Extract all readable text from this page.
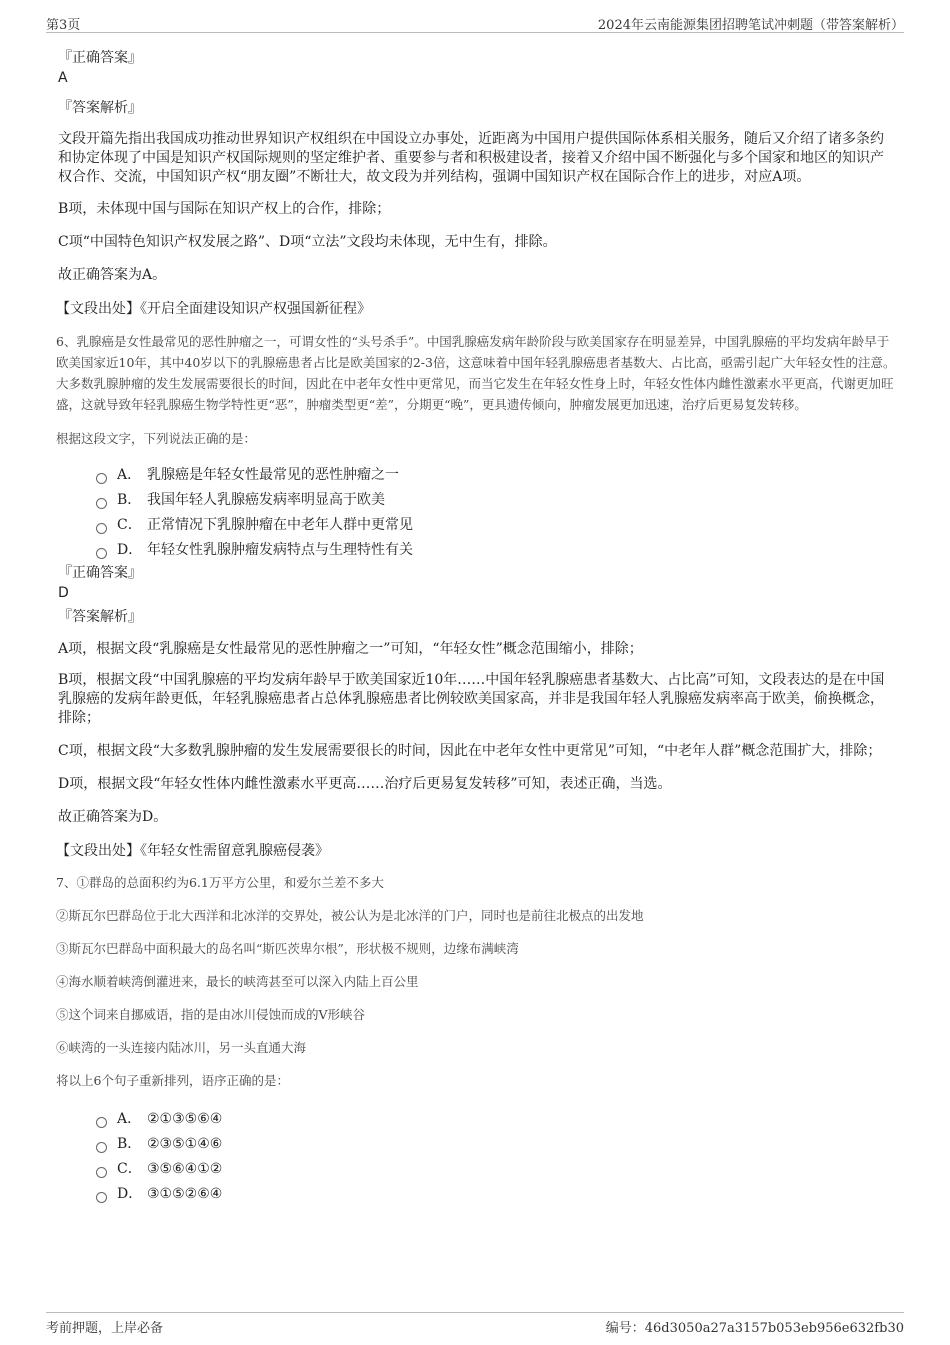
第3页	2024年云南能源集团招聘笔试冲刺题（带答案解析）
『正确答案』
A
『答案解析』
文段开篇先指出我国成功推动世界知识产权组织在中国设立办事处，近距离为中国用户提供国际体系相关服务，随后又介绍了诸多条约和协定体现了中国是知识产权国际规则的坚定维护者、重要参与者和积极建设者，接着又介绍中国不断强化与多个国家和地区的知识产权合作、交流，中国知识产权“朋友圈”不断壮大，故文段为并列结构，强调中国知识产权在国际合作上的进步，对应A项。
B项，未体现中国与国际在知识产权上的合作，排除；
C项“中国特色知识产权发展之路”、D项“立法”文段均未体现，无中生有，排除。
故正确答案为A。
【文段出处】《开启全面建设知识产权强国新征程》
6、乳腺癌是女性最常见的恶性肿瘤之一，可谓女性的“头号杀手”。中国乳腺癌发病年龄阶段与欧美国家存在明显差异，中国乳腺癌的平均发病年龄早于欧美国家近10年，其中40岁以下的乳腺癌患者占比是欧美国家的2-3倍，这意味着中国年轻乳腺癌患者基数大、占比高，亟需引起广大年轻女性的注意。大多数乳腺肿瘤的发生发展需要很长的时间，因此在中老年女性中更常见，而当它发生在年轻女性身上时，年轻女性体内雌性激素水平更高，代谢更加旺盛，这就导致年轻乳腺癌生物学特性更“恶”，肿瘤类型更“差”，分期更“晚”，更具遗传倾向，肿瘤发展更加迅速，治疗后更易复发转移。
根据这段文字，下列说法正确的是：
A． 乳腺癌是年轻女性最常见的恶性肿瘤之一
B． 我国年轻人乳腺癌发病率明显高于欧美
C． 正常情况下乳腺肿瘤在中老年人群中更常见
D． 年轻女性乳腺肿瘤发病特点与生理特性有关
『正确答案』
D
『答案解析』
A项，根据文段“乳腺癌是女性最常见的恶性肿瘤之一”可知，“年轻女性”概念范围缩小，排除；
B项，根据文段“中国乳腺癌的平均发病年龄早于欧美国家近10年……中国年轻乳腺癌患者基数大、占比高”可知，文段表达的是在中国乳腺癌的发病年龄更低，年轻乳腺癌患者占总体乳腺癌患者比例较欧美国家高，并非是我国年轻人乳腺癌发病率高于欧美，偷换概念，排除；
C项，根据文段“大多数乳腺肿瘤的发生发展需要很长的时间，因此在中老年女性中更常见”可知，“中老年人群”概念范围扩大，排除；
D项，根据文段“年轻女性体内雌性激素水平更高……治疗后更易复发转移”可知，表述正确，当选。
故正确答案为D。
【文段出处】《年轻女性需留意乳腺癌侵袭》
7、①群岛的总面积约为6.1万平方公里，和爱尔兰差不多大
②斯瓦尔巴群岛位于北大西洋和北冰洋的交界处，被公认为是北冰洋的门户，同时也是前往北极点的出发地
③斯瓦尔巴群岛中面积最大的岛名叫“斯匹茨卑尔根”，形状极不规则，边缘布满峡湾
④海水顺着峡湾倒灌进来，最长的峡湾甚至可以深入内陆上百公里
⑤这个词来自挪威语，指的是由冰川侵蚀而成的V形峡谷
⑥峡湾的一头连接内陆冰川，另一头直通大海
将以上6个句子重新排列，语序正确的是：
A． ②①③⑤⑥④
B． ②③⑤①④⑥
C． ③⑤⑥④①②
D． ③①⑤②⑥④
考前押题，上岸必备	编号：46d3050a27a3157b053eb956e632fb30
